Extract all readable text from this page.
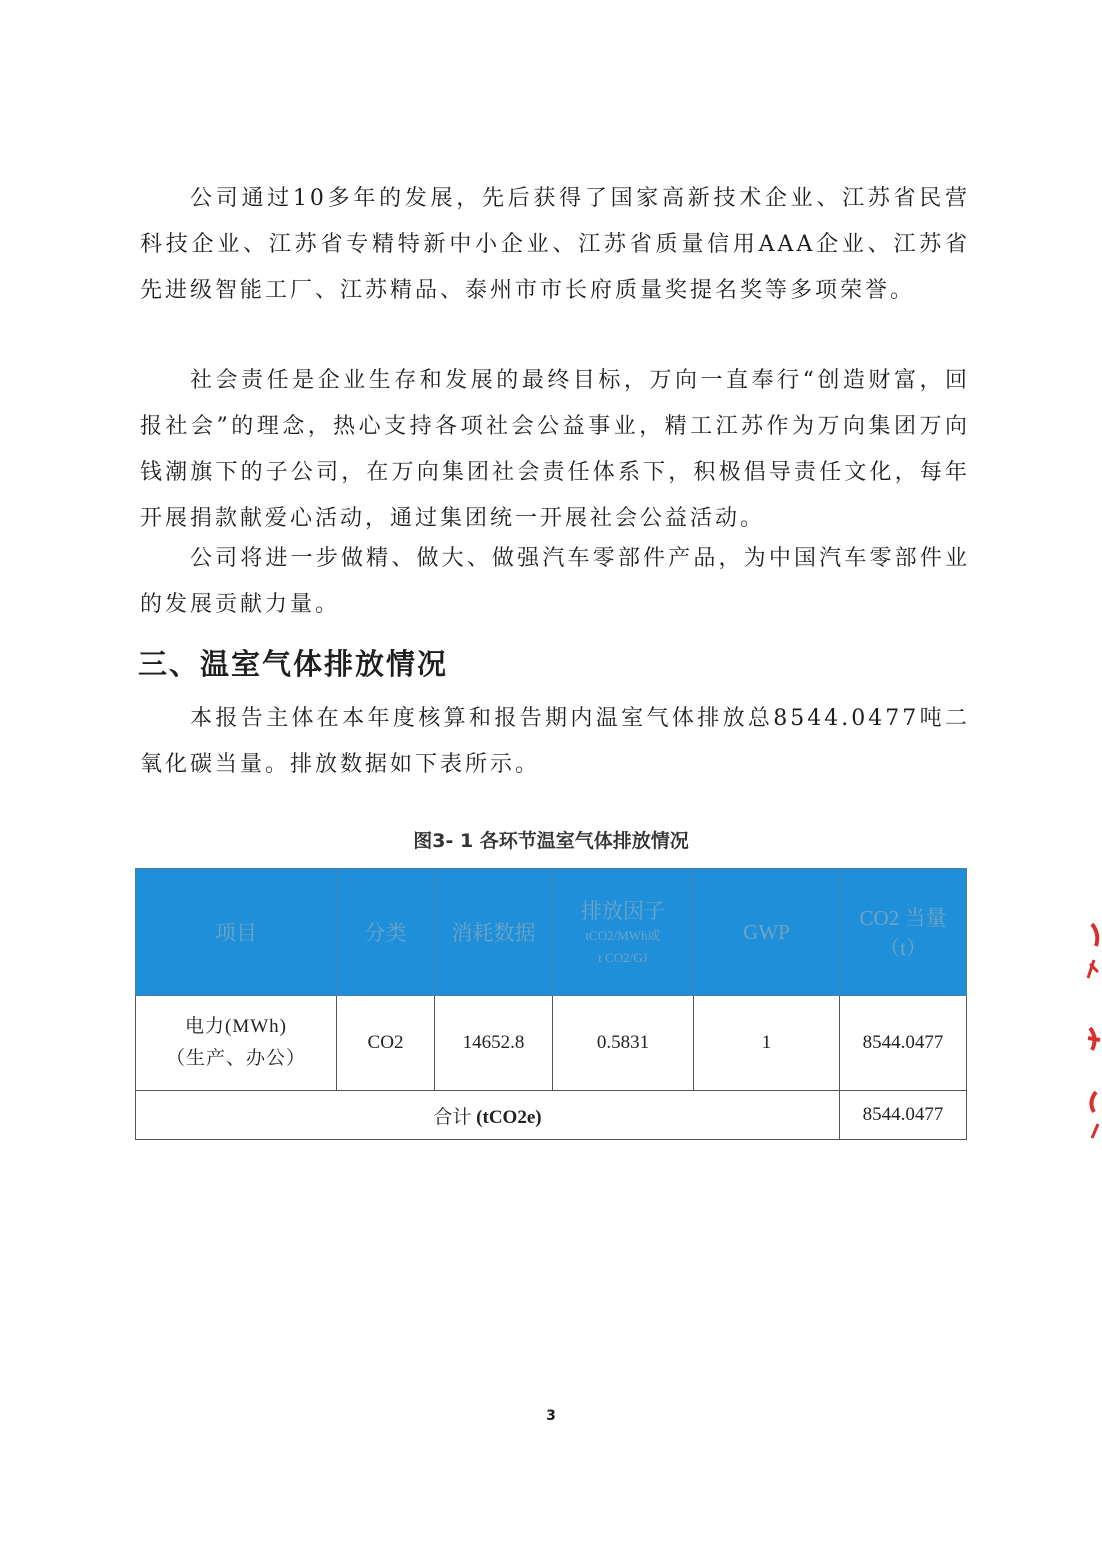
公司通过10多年的发展，先后获得了国家高新技术企业、江苏省民营科技企业、江苏省专精特新中小企业、江苏省质量信用AAA企业、江苏省先进级智能工厂、江苏精品、泰州市市长府质量奖提名奖等多项荣誉。

社会责任是企业生存和发展的最终目标，万向一直奉行“创造财富，回报社会”的理念，热心支持各项社会公益事业，精工江苏作为万向集团万向钱潮旗下的子公司，在万向集团社会责任体系下，积极倡导责任文化，每年开展捐款献爱心活动，通过集团统一开展社会公益活动。

公司将进一步做精、做大、做强汽车零部件产品，为中国汽车零部件业的发展贡献力量。

三、温室气体排放情况

本报告主体在本年度核算和报告期内温室气体排放总8544.0477吨二氧化碳当量。排放数据如下表所示。

图3- 1 各环节温室气体排放情况

项目	分类	消耗数据	排放因子
tCO2/MWh或
t CO2/GJ	GWP	CO2 当量
（t）

电力(MWh)
（生产、办公）	CO2	14652.8	0.5831	1	8544.0477
合计 (tCO2e)					8544.0477

3
